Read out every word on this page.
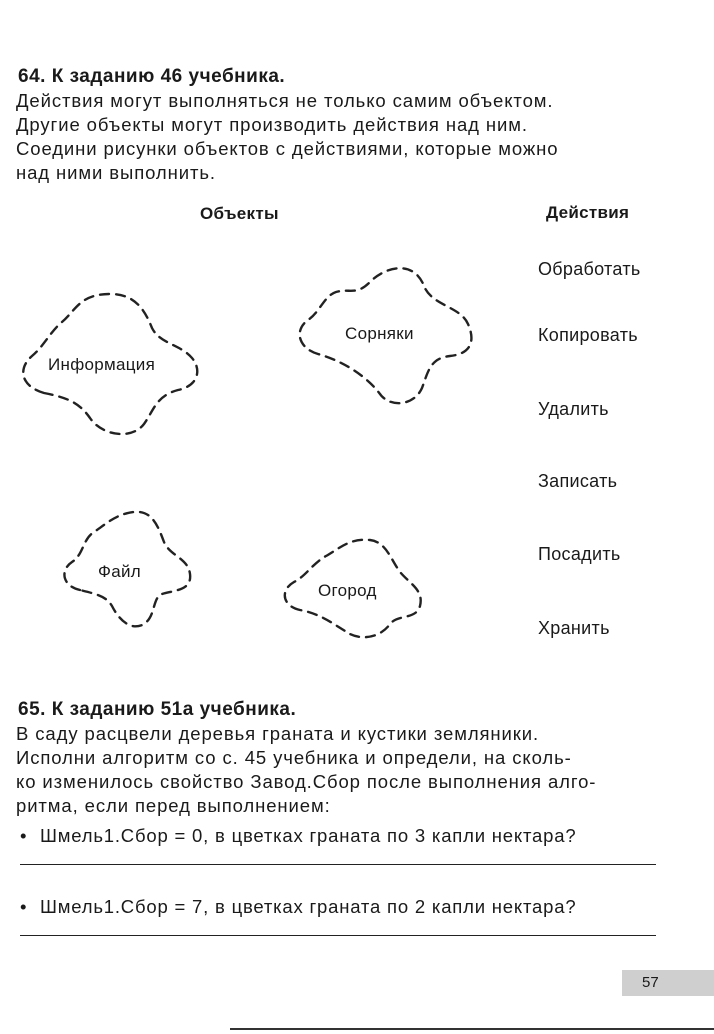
64. К заданию 46 учебника.

Действия могут выполняться не только самим объектом.

Другие объекты могут производить действия над ним.

Соедини рисунки объектов с действиями, которые можно

над ними выполнить.

Объекты	Действия
Информация
Сорняки
Файл
Огород
Обработать
Копировать
Удалить
Записать
Посадить
Хранить

65. К заданию 51а учебника.

В саду расцвели деревья граната и кустики земляники.

Исполни алгоритм со с. 45 учебника и определи, на сколь-

ко изменилось свойство Завод.Сбор после выполнения алго-

ритма, если перед выполнением:

• Шмель1.Сбор = 0, в цветках граната по 3 капли нектара?
• Шмель1.Сбор = 7, в цветках граната по 2 капли нектара?
57
